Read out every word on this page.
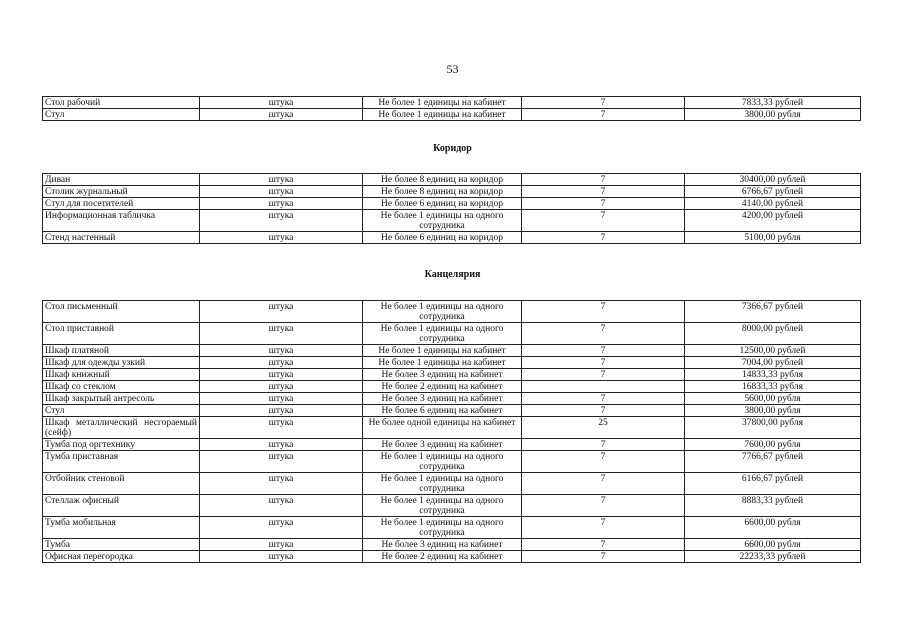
53
Стол рабочий	штука	Не более 1 единицы на кабинет	7	7833,33 рублей
Стул	штука	Не более 1 единицы на кабинет	7	3800,00 рубля
Коридор
Диван	штука	Не более 8 единиц на коридор	7	30400,00 рублей
Столик журнальный	штука	Не более 8 единиц на коридор	7	6766,67 рублей
Стул для посетителей	штука	Не более 6 единиц на коридор	7	4140,00 рублей
Информационная табличка	штука	Не более 1 единицы на одного сотрудника	7	4200,00 рублей
Стенд настенный	штука	Не более 6 единиц на коридор	7	5100,00 рубля
Канцелярия
Стол письменный	штука	Не более 1 единицы на одного сотрудника	7	7366,67 рублей
Стол приставной	штука	Не более 1 единицы на одного сотрудника	7	8000,00 рублей
Шкаф платяной	штука	Не более 1 единицы на кабинет	7	12500,00 рублей
Шкаф для одежды узкий	штука	Не более 1 единицы на кабинет	7	7004,00 рублей
Шкаф книжный	штука	Не более 3 единиц на кабинет	7	14833,33 рубля
Шкаф со стеклом	штука	Не более 2 единиц на кабинет		16833,33 рубля
Шкаф закрытый антресоль	штука	Не более 3 единиц на кабинет	7	5600,00 рубля
Стул	штука	Не более 6 единиц на кабинет	7	3800,00 рубля
Шкаф металлический несгораемый (сейф)	штука	Не более одной единицы на кабинет	25	37800,00 рубля
Тумба под оргтехнику	штука	Не более 3 единиц на кабинет	7	7600,00 рубля
Тумба приставная	штука	Не более 1 единицы на одного сотрудника	7	7766,67 рублей
Отбойник стеновой	штука	Не более 1 единицы на одного сотрудника	7	6166,67 рублей
Стеллаж офисный	штука	Не более 1 единицы на одного сотрудника	7	8883,33 рублей
Тумба мобильная	штука	Не более 1 единицы на одного сотрудника	7	6600,00 рубля
Тумба	штука	Не более 3 единиц на кабинет	7	6600,00 рубля
Офисная перегородка	штука	Не более 2 единиц на кабинет	7	22233,33 рублей
